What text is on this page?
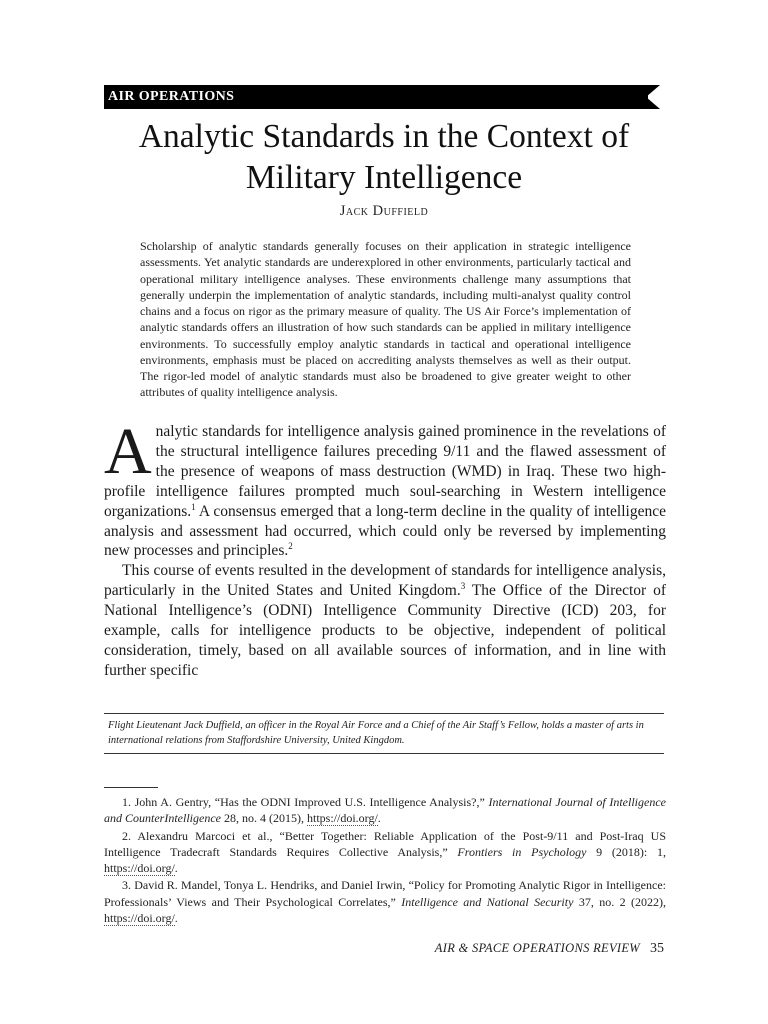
AIR OPERATIONS
Analytic Standards in the Context of Military Intelligence
Jack Duffield
Scholarship of analytic standards generally focuses on their application in strategic intelligence assessments. Yet analytic standards are underexplored in other environments, particularly tactical and operational military intelligence analyses. These environments challenge many assumptions that generally underpin the implementation of analytic standards, including multi-analyst quality control chains and a focus on rigor as the primary measure of quality. The US Air Force’s implementation of analytic standards offers an illustration of how such standards can be applied in military intelligence environments. To successfully employ analytic standards in tactical and operational intelligence environments, emphasis must be placed on accrediting analysts themselves as well as their output. The rigor-led model of analytic standards must also be broadened to give greater weight to other attributes of quality intelligence analysis.

Analytic standards for intelligence analysis gained prominence in the revelations of the structural intelligence failures preceding 9/11 and the flawed assessment of the presence of weapons of mass destruction (WMD) in Iraq. These two high-profile intelligence failures prompted much soul-searching in Western intelligence organizations.$^1$ A consensus emerged that a long-term decline in the quality of intelligence analysis and assessment had occurred, which could only be reversed by implementing new processes and principles.$^2$

This course of events resulted in the development of standards for intelligence analysis, particularly in the United States and United Kingdom.$^3$ The Office of the Director of National Intelligence’s (ODNI) Intelligence Community Directive (ICD) 203, for example, calls for intelligence products to be objective, independent of political consideration, timely, based on all available sources of information, and in line with further specific

Flight Lieutenant Jack Duffield, an officer in the Royal Air Force and a Chief of the Air Staff’s Fellow, holds a master of arts in international relations from Staffordshire University, United Kingdom.

1. John A. Gentry, “Has the ODNI Improved U.S. Intelligence Analysis?,” International Journal of Intelligence and CounterIntelligence 28, no. 4 (2015), https://doi.org/.

2. Alexandru Marcoci et al., “Better Together: Reliable Application of the Post-9/11 and Post-Iraq US Intelligence Tradecraft Standards Requires Collective Analysis,” Frontiers in Psychology 9 (2018): 1, https://doi.org/.

3. David R. Mandel, Tonya L. Hendriks, and Daniel Irwin, “Policy for Promoting Analytic Rigor in Intelligence: Professionals’ Views and Their Psychological Correlates,” Intelligence and National Security 37, no. 2 (2022), https://doi.org/.

AIR & SPACE OPERATIONS REVIEW 35
